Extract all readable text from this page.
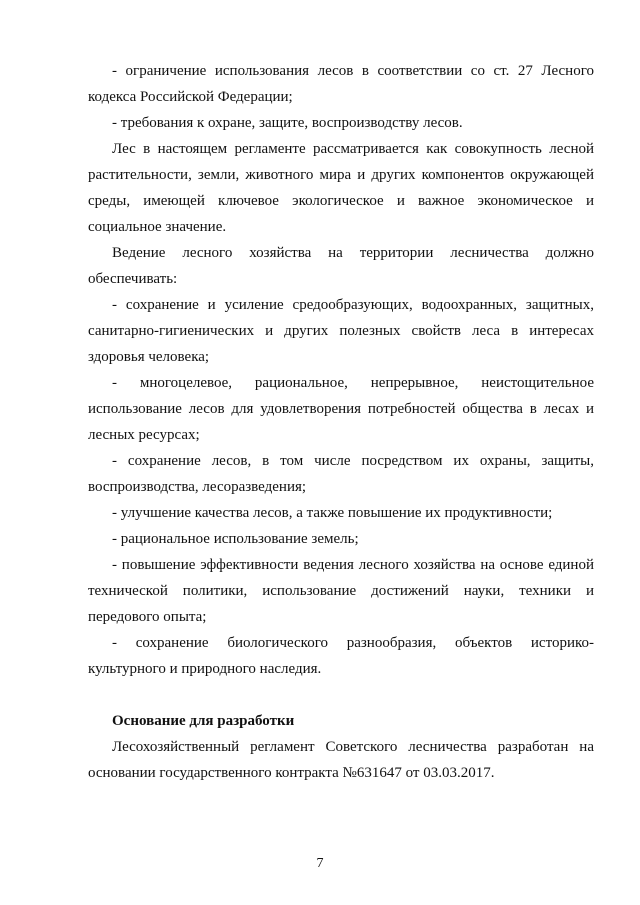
- ограничение использования лесов в соответствии со ст. 27 Лесного кодекса Российской Федерации;

- требования к охране, защите, воспроизводству лесов.

Лес в настоящем регламенте рассматривается как совокупность лесной растительности, земли, животного мира и других компонентов окружающей среды, имеющей ключевое экологическое и важное экономическое и социальное значение.

Ведение лесного хозяйства на территории лесничества должно обеспечивать:

- сохранение и усиление средообразующих, водоохранных, защитных, санитарно-гигиенических и других полезных свойств леса в интересах здоровья человека;

- многоцелевое, рациональное, непрерывное, неистощительное использование лесов для удовлетворения потребностей общества в лесах и лесных ресурсах;

- сохранение лесов, в том числе посредством их охраны, защиты, воспроизводства, лесоразведения;

- улучшение качества лесов, а также повышение их продуктивности;

- рациональное использование земель;

- повышение эффективности ведения лесного хозяйства на основе единой технической политики, использование достижений науки, техники и передового опыта;

- сохранение биологического разнообразия, объектов историко-культурного и природного наследия.

Основание для разработки

Лесохозяйственный регламент Советского лесничества разработан на основании государственного контракта №631647 от 03.03.2017.

7
